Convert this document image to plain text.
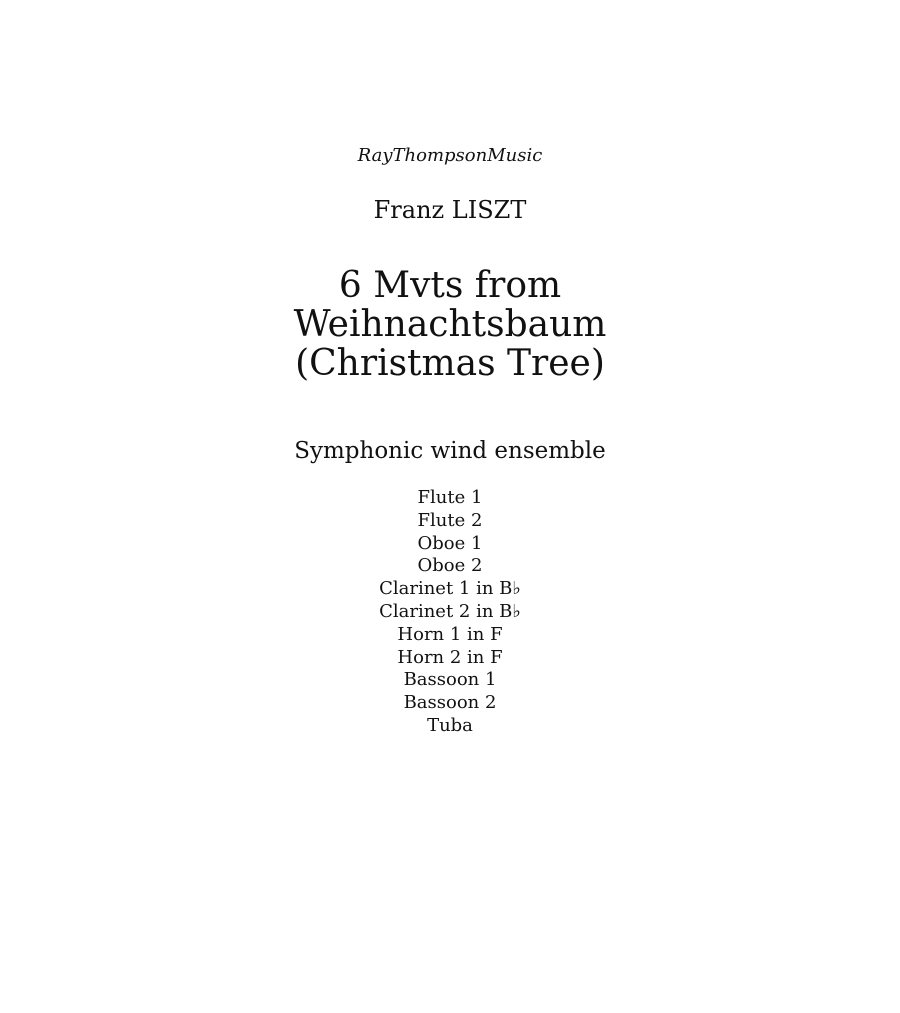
RayThompsonMusic
Franz LISZT
6 Mvts from
Weihnachtsbaum
(Christmas Tree)
Symphonic wind ensemble
Flute 1
Flute 2
Oboe 1
Oboe 2
Clarinet 1 in B♭
Clarinet 2 in B♭
Horn 1 in F
Horn 2 in F
Bassoon 1
Bassoon 2
Tuba
